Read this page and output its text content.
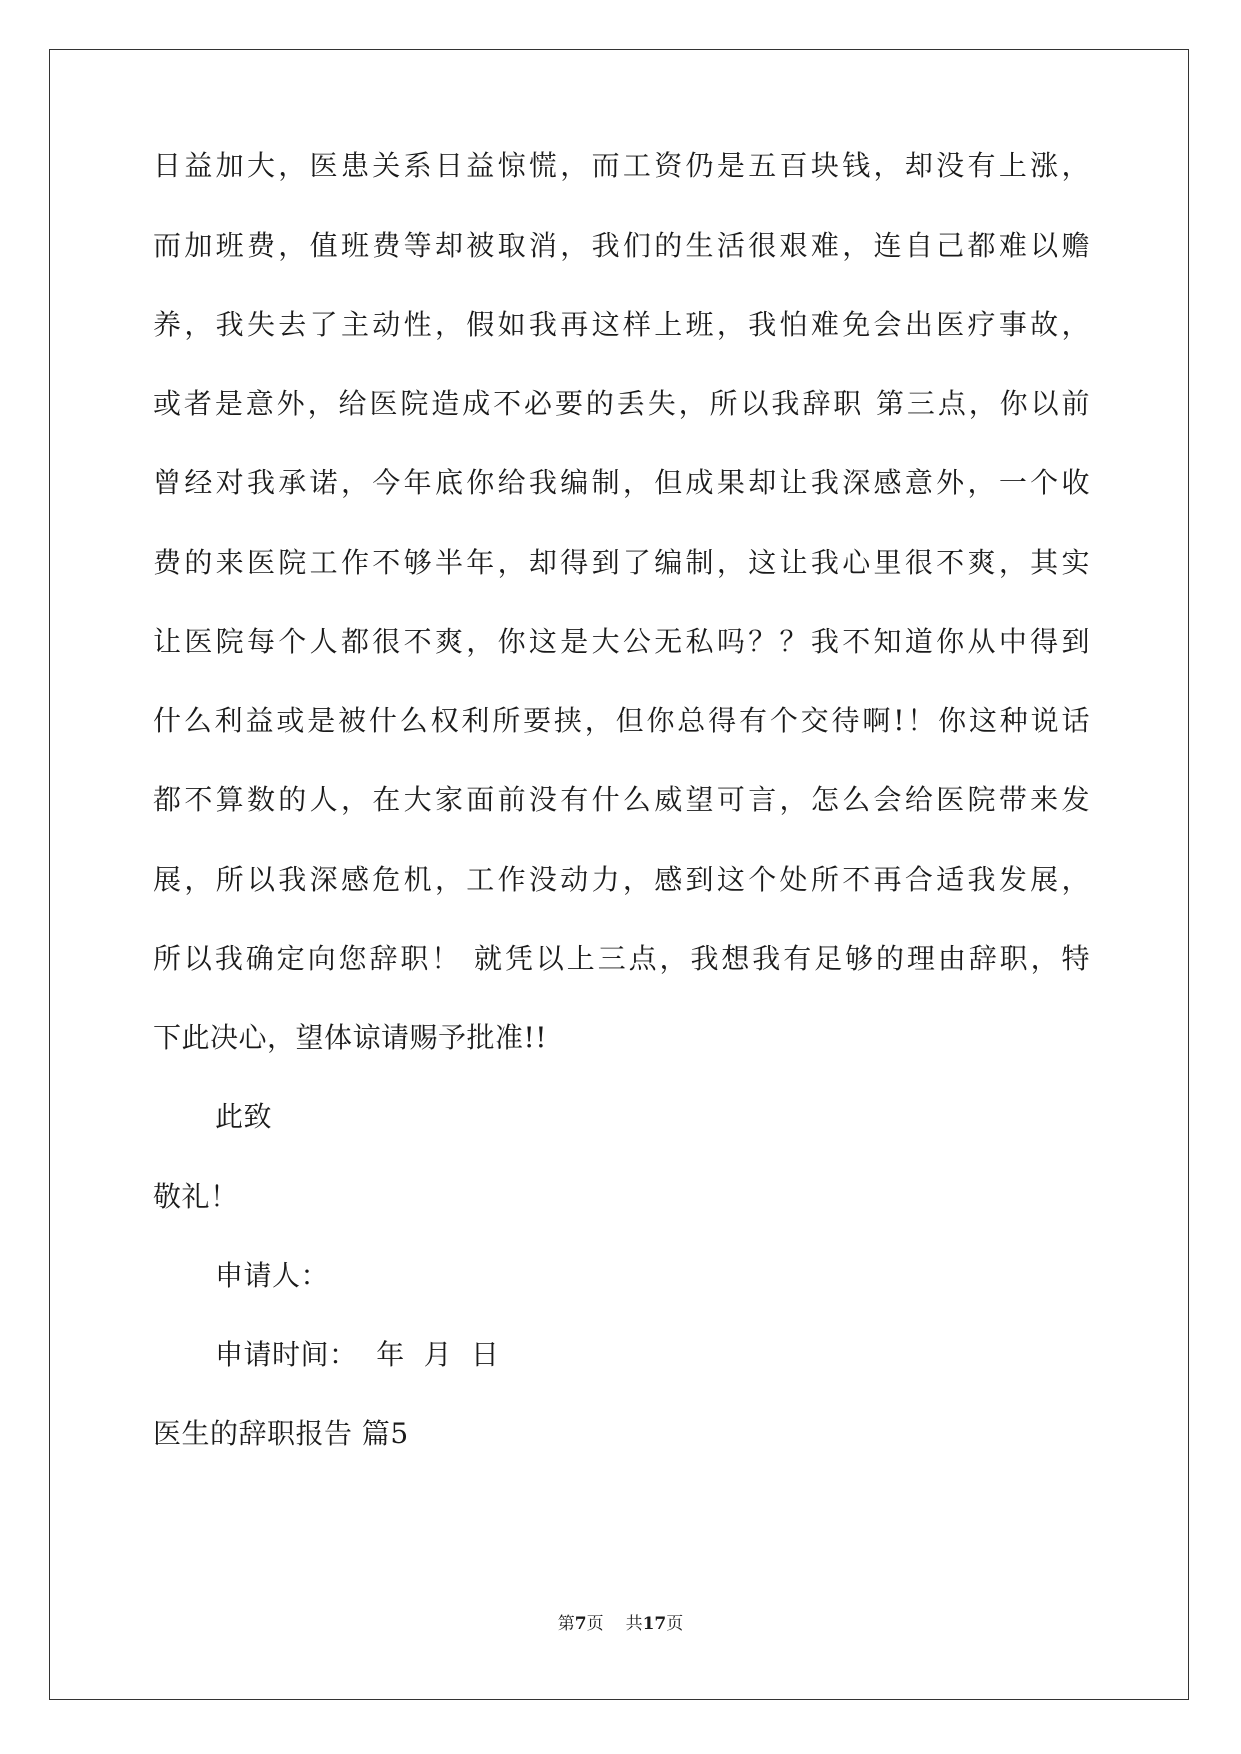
日益加大，医患关系日益惊慌，而工资仍是五百块钱，却没有上涨，
而加班费，值班费等却被取消，我们的生活很艰难，连自己都难以赡
养，我失去了主动性，假如我再这样上班，我怕难免会出医疗事故，
或者是意外，给医院造成不必要的丢失，所以我辞职 第三点，你以前
曾经对我承诺，今年底你给我编制，但成果却让我深感意外，一个收
费的来医院工作不够半年，却得到了编制，这让我心里很不爽，其实
让医院每个人都很不爽，你这是大公无私吗？？我不知道你从中得到
什么利益或是被什么权利所要挟，但你总得有个交待啊!！你这种说话
都不算数的人，在大家面前没有什么威望可言，怎么会给医院带来发
展，所以我深感危机，工作没动力，感到这个处所不再合适我发展，
所以我确定向您辞职！ 就凭以上三点，我想我有足够的理由辞职，特
下此决心，望体谅请赐予批准!!
此致
敬礼！
申请人：
申请时间：  年  月  日
医生的辞职报告 篇5
第7页 共17页
